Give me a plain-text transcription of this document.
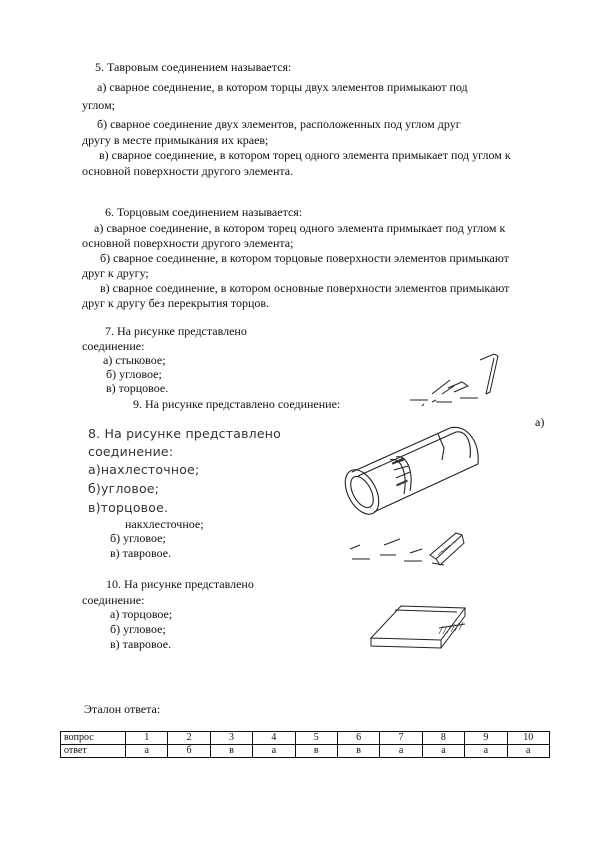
5. Тавровым соединением называется:
а) сварное соединение, в котором торцы двух элементов примыкают под
углом;
б) сварное соединение двух элементов, расположенных под углом друг
другу в месте примыкания их краев;
в) сварное соединение, в котором торец одного элемента примыкает под углом к
основной поверхности другого элемента.
6. Торцовым соединением называется:
а) сварное соединение, в котором торец одного элемента примыкает под углом к
основной поверхности другого элемента;
б) сварное соединение, в котором торцовые поверхности элементов примыкают
друг к другу;
в) сварное соединение, в котором основные поверхности элементов примыкают
друг к другу без перекрытия торцов.
7. На рисунке представлено
соединение:
а) стыковое;
б) угловое;
в) торцовое.
9. На рисунке представлено соединение:
а)
8. На рисунке представлено
соединение:
а)нахлесточное;
б)угловое;
в)торцовое.
накхлесточное;
б) угловое;
в) тавровое.
10. На рисунке представлено
соединение:
а) торцовое;
б) угловое;
в) тавровое.
Эталон ответа:
вопрос	1	2	3	4	5	6	7	8	9	10
ответ	а	б	в	а	в	в	а	а	а	а
